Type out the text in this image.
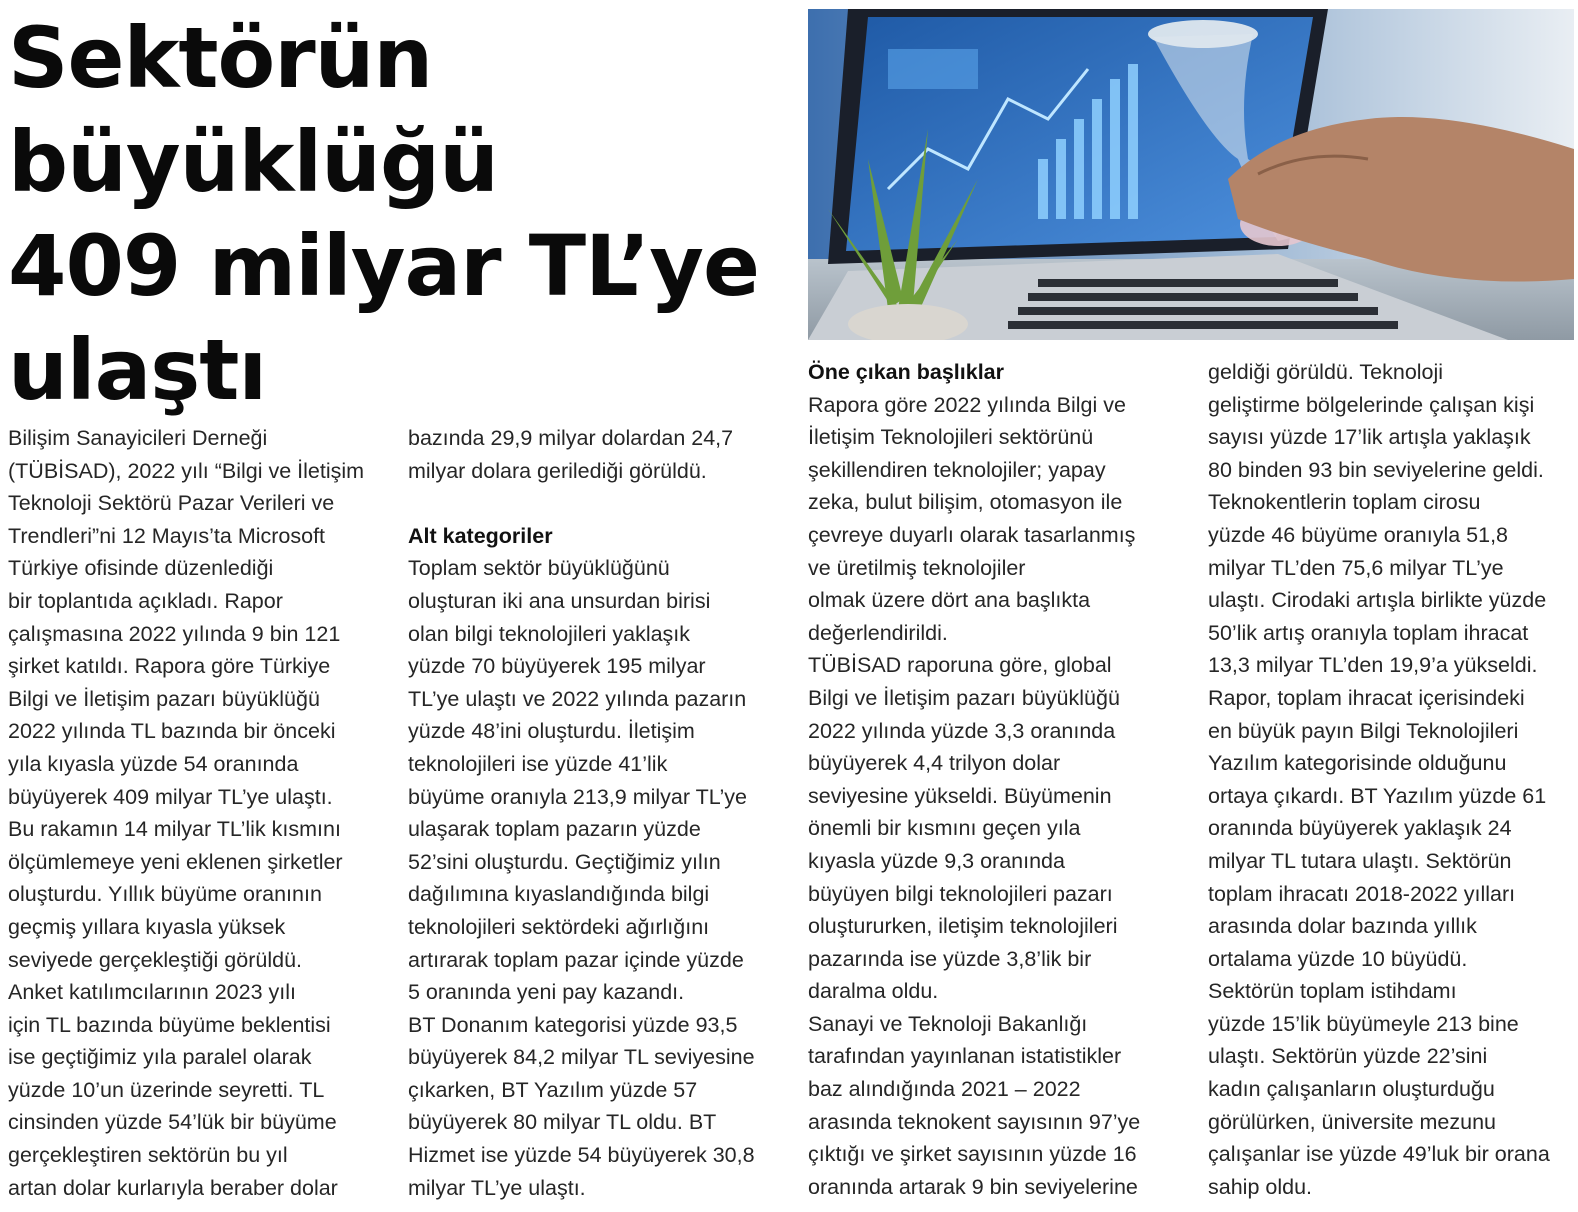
Sektörün
büyüklüğü
409 milyar TL’ye
ulaştı

Bilişim Sanayicileri Derneği

(TÜBİSAD), 2022 yılı “Bilgi ve İletişim

Teknoloji Sektörü Pazar Verileri ve

Trendleri”ni 12 Mayıs’ta Microsoft

Türkiye ofisinde düzenlediği

bir toplantıda açıkladı. Rapor

çalışmasına 2022 yılında 9 bin 121

şirket katıldı. Rapora göre Türkiye

Bilgi ve İletişim pazarı büyüklüğü

2022 yılında TL bazında bir önceki

yıla kıyasla yüzde 54 oranında

büyüyerek 409 milyar TL’ye ulaştı.

Bu rakamın 14 milyar TL’lik kısmını

ölçümlemeye yeni eklenen şirketler

oluşturdu. Yıllık büyüme oranının

geçmiş yıllara kıyasla yüksek

seviyede gerçekleştiği görüldü.

Anket katılımcılarının 2023 yılı

için TL bazında büyüme beklentisi

ise geçtiğimiz yıla paralel olarak

yüzde 10’un üzerinde seyretti. TL

cinsinden yüzde 54’lük bir büyüme

gerçekleştiren sektörün bu yıl

artan dolar kurlarıyla beraber dolar

bazında 29,9 milyar dolardan 24,7

milyar dolara gerilediği görüldü.

Alt kategoriler

Toplam sektör büyüklüğünü

oluşturan iki ana unsurdan birisi

olan bilgi teknolojileri yaklaşık

yüzde 70 büyüyerek 195 milyar

TL’ye ulaştı ve 2022 yılında pazarın

yüzde 48’ini oluşturdu. İletişim

teknolojileri ise yüzde 41’lik

büyüme oranıyla 213,9 milyar TL’ye

ulaşarak toplam pazarın yüzde

52’sini oluşturdu. Geçtiğimiz yılın

dağılımına kıyaslandığında bilgi

teknolojileri sektördeki ağırlığını

artırarak toplam pazar içinde yüzde

5 oranında yeni pay kazandı.

BT Donanım kategorisi yüzde 93,5

büyüyerek 84,2 milyar TL seviyesine

çıkarken, BT Yazılım yüzde 57

büyüyerek 80 milyar TL oldu. BT

Hizmet ise yüzde 54 büyüyerek 30,8

milyar TL’ye ulaştı.

Öne çıkan başlıklar

Rapora göre 2022 yılında Bilgi ve

İletişim Teknolojileri sektörünü

şekillendiren teknolojiler; yapay

zeka, bulut bilişim, otomasyon ile

çevreye duyarlı olarak tasarlanmış

ve üretilmiş teknolojiler

olmak üzere dört ana başlıkta

değerlendirildi.

TÜBİSAD raporuna göre, global

Bilgi ve İletişim pazarı büyüklüğü

2022 yılında yüzde 3,3 oranında

büyüyerek 4,4 trilyon dolar

seviyesine yükseldi. Büyümenin

önemli bir kısmını geçen yıla

kıyasla yüzde 9,3 oranında

büyüyen bilgi teknolojileri pazarı

oluştururken, iletişim teknolojileri

pazarında ise yüzde 3,8’lik bir

daralma oldu.

Sanayi ve Teknoloji Bakanlığı

tarafından yayınlanan istatistikler

baz alındığında 2021 – 2022

arasında teknokent sayısının 97’ye

çıktığı ve şirket sayısının yüzde 16

oranında artarak 9 bin seviyelerine

geldiği görüldü. Teknoloji

geliştirme bölgelerinde çalışan kişi

sayısı yüzde 17’lik artışla yaklaşık

80 binden 93 bin seviyelerine geldi.

Teknokentlerin toplam cirosu

yüzde 46 büyüme oranıyla 51,8

milyar TL’den 75,6 milyar TL’ye

ulaştı. Cirodaki artışla birlikte yüzde

50’lik artış oranıyla toplam ihracat

13,3 milyar TL’den 19,9’a yükseldi.

Rapor, toplam ihracat içerisindeki

en büyük payın Bilgi Teknolojileri

Yazılım kategorisinde olduğunu

ortaya çıkardı. BT Yazılım yüzde 61

oranında büyüyerek yaklaşık 24

milyar TL tutara ulaştı. Sektörün

toplam ihracatı 2018-2022 yılları

arasında dolar bazında yıllık

ortalama yüzde 10 büyüdü.

Sektörün toplam istihdamı

yüzde 15’lik büyümeyle 213 bine

ulaştı. Sektörün yüzde 22’sini

kadın çalışanların oluşturduğu

görülürken, üniversite mezunu

çalışanlar ise yüzde 49’luk bir orana

sahip oldu.
